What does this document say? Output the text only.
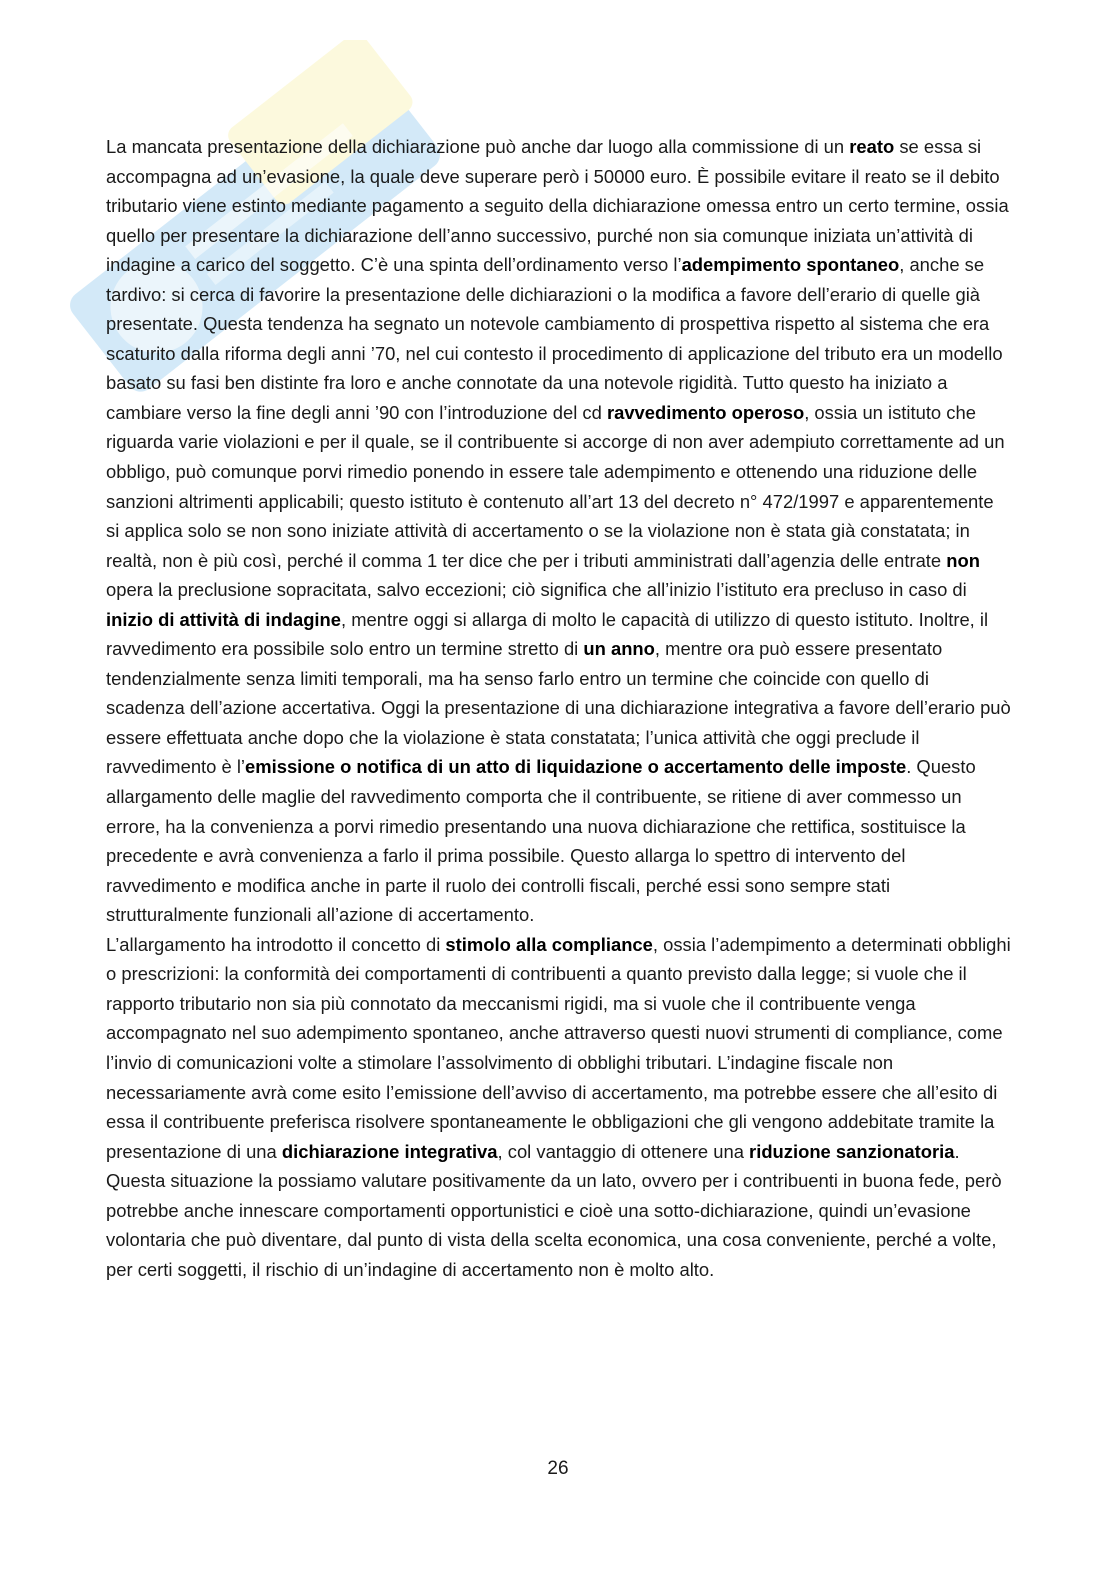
La mancata presentazione della dichiarazione può anche dar luogo alla commissione di un reato se essa si accompagna ad un’evasione, la quale deve superare però i 50000 euro. È possibile evitare il reato se il debito tributario viene estinto mediante pagamento a seguito della dichiarazione omessa entro un certo termine, ossia quello per presentare la dichiarazione dell’anno successivo, purché non sia comunque iniziata un’attività di indagine a carico del soggetto. C’è una spinta dell’ordinamento verso l’adempimento spontaneo, anche se tardivo: si cerca di favorire la presentazione delle dichiarazioni o la modifica a favore dell’erario di quelle già presentate. Questa tendenza ha segnato un notevole cambiamento di prospettiva rispetto al sistema che era scaturito dalla riforma degli anni ’70, nel cui contesto il procedimento di applicazione del tributo era un modello basato su fasi ben distinte fra loro e anche connotate da una notevole rigidità. Tutto questo ha iniziato a cambiare verso la fine degli anni ’90 con l’introduzione del cd ravvedimento operoso, ossia un istituto che riguarda varie violazioni e per il quale, se il contribuente si accorge di non aver adempiuto correttamente ad un obbligo, può comunque porvi rimedio ponendo in essere tale adempimento e ottenendo una riduzione delle sanzioni altrimenti applicabili; questo istituto è contenuto all’art 13 del decreto n° 472/1997 e apparentemente si applica solo se non sono iniziate attività di accertamento o se la violazione non è stata già constatata; in realtà, non è più così, perché il comma 1 ter dice che per i tributi amministrati dall’agenzia delle entrate non opera la preclusione sopracitata, salvo eccezioni; ciò significa che all’inizio l’istituto era precluso in caso di inizio di attività di indagine, mentre oggi si allarga di molto le capacità di utilizzo di questo istituto. Inoltre, il ravvedimento era possibile solo entro un termine stretto di un anno, mentre ora può essere presentato tendenzialmente senza limiti temporali, ma ha senso farlo entro un termine che coincide con quello di scadenza dell’azione accertativa. Oggi la presentazione di una dichiarazione integrativa a favore dell’erario può essere effettuata anche dopo che la violazione è stata constatata; l’unica attività che oggi preclude il ravvedimento è l’emissione o notifica di un atto di liquidazione o accertamento delle imposte. Questo allargamento delle maglie del ravvedimento comporta che il contribuente, se ritiene di aver commesso un errore, ha la convenienza a porvi rimedio presentando una nuova dichiarazione che rettifica, sostituisce la precedente e avrà convenienza a farlo il prima possibile. Questo allarga lo spettro di intervento del ravvedimento e modifica anche in parte il ruolo dei controlli fiscali, perché essi sono sempre stati strutturalmente funzionali all’azione di accertamento.

L’allargamento ha introdotto il concetto di stimolo alla compliance, ossia l’adempimento a determinati obblighi o prescrizioni: la conformità dei comportamenti di contribuenti a quanto previsto dalla legge; si vuole che il rapporto tributario non sia più connotato da meccanismi rigidi, ma si vuole che il contribuente venga accompagnato nel suo adempimento spontaneo, anche attraverso questi nuovi strumenti di compliance, come l’invio di comunicazioni volte a stimolare l’assolvimento di obblighi tributari. L’indagine fiscale non necessariamente avrà come esito l’emissione dell’avviso di accertamento, ma potrebbe essere che all’esito di essa il contribuente preferisca risolvere spontaneamente le obbligazioni che gli vengono addebitate tramite la presentazione di una dichiarazione integrativa, col vantaggio di ottenere una riduzione sanzionatoria. Questa situazione la possiamo valutare positivamente da un lato, ovvero per i contribuenti in buona fede, però potrebbe anche innescare comportamenti opportunistici e cioè una sotto-dichiarazione, quindi un’evasione volontaria che può diventare, dal punto di vista della scelta economica, una cosa conveniente, perché a volte, per certi soggetti, il rischio di un’indagine di accertamento non è molto alto.

26
